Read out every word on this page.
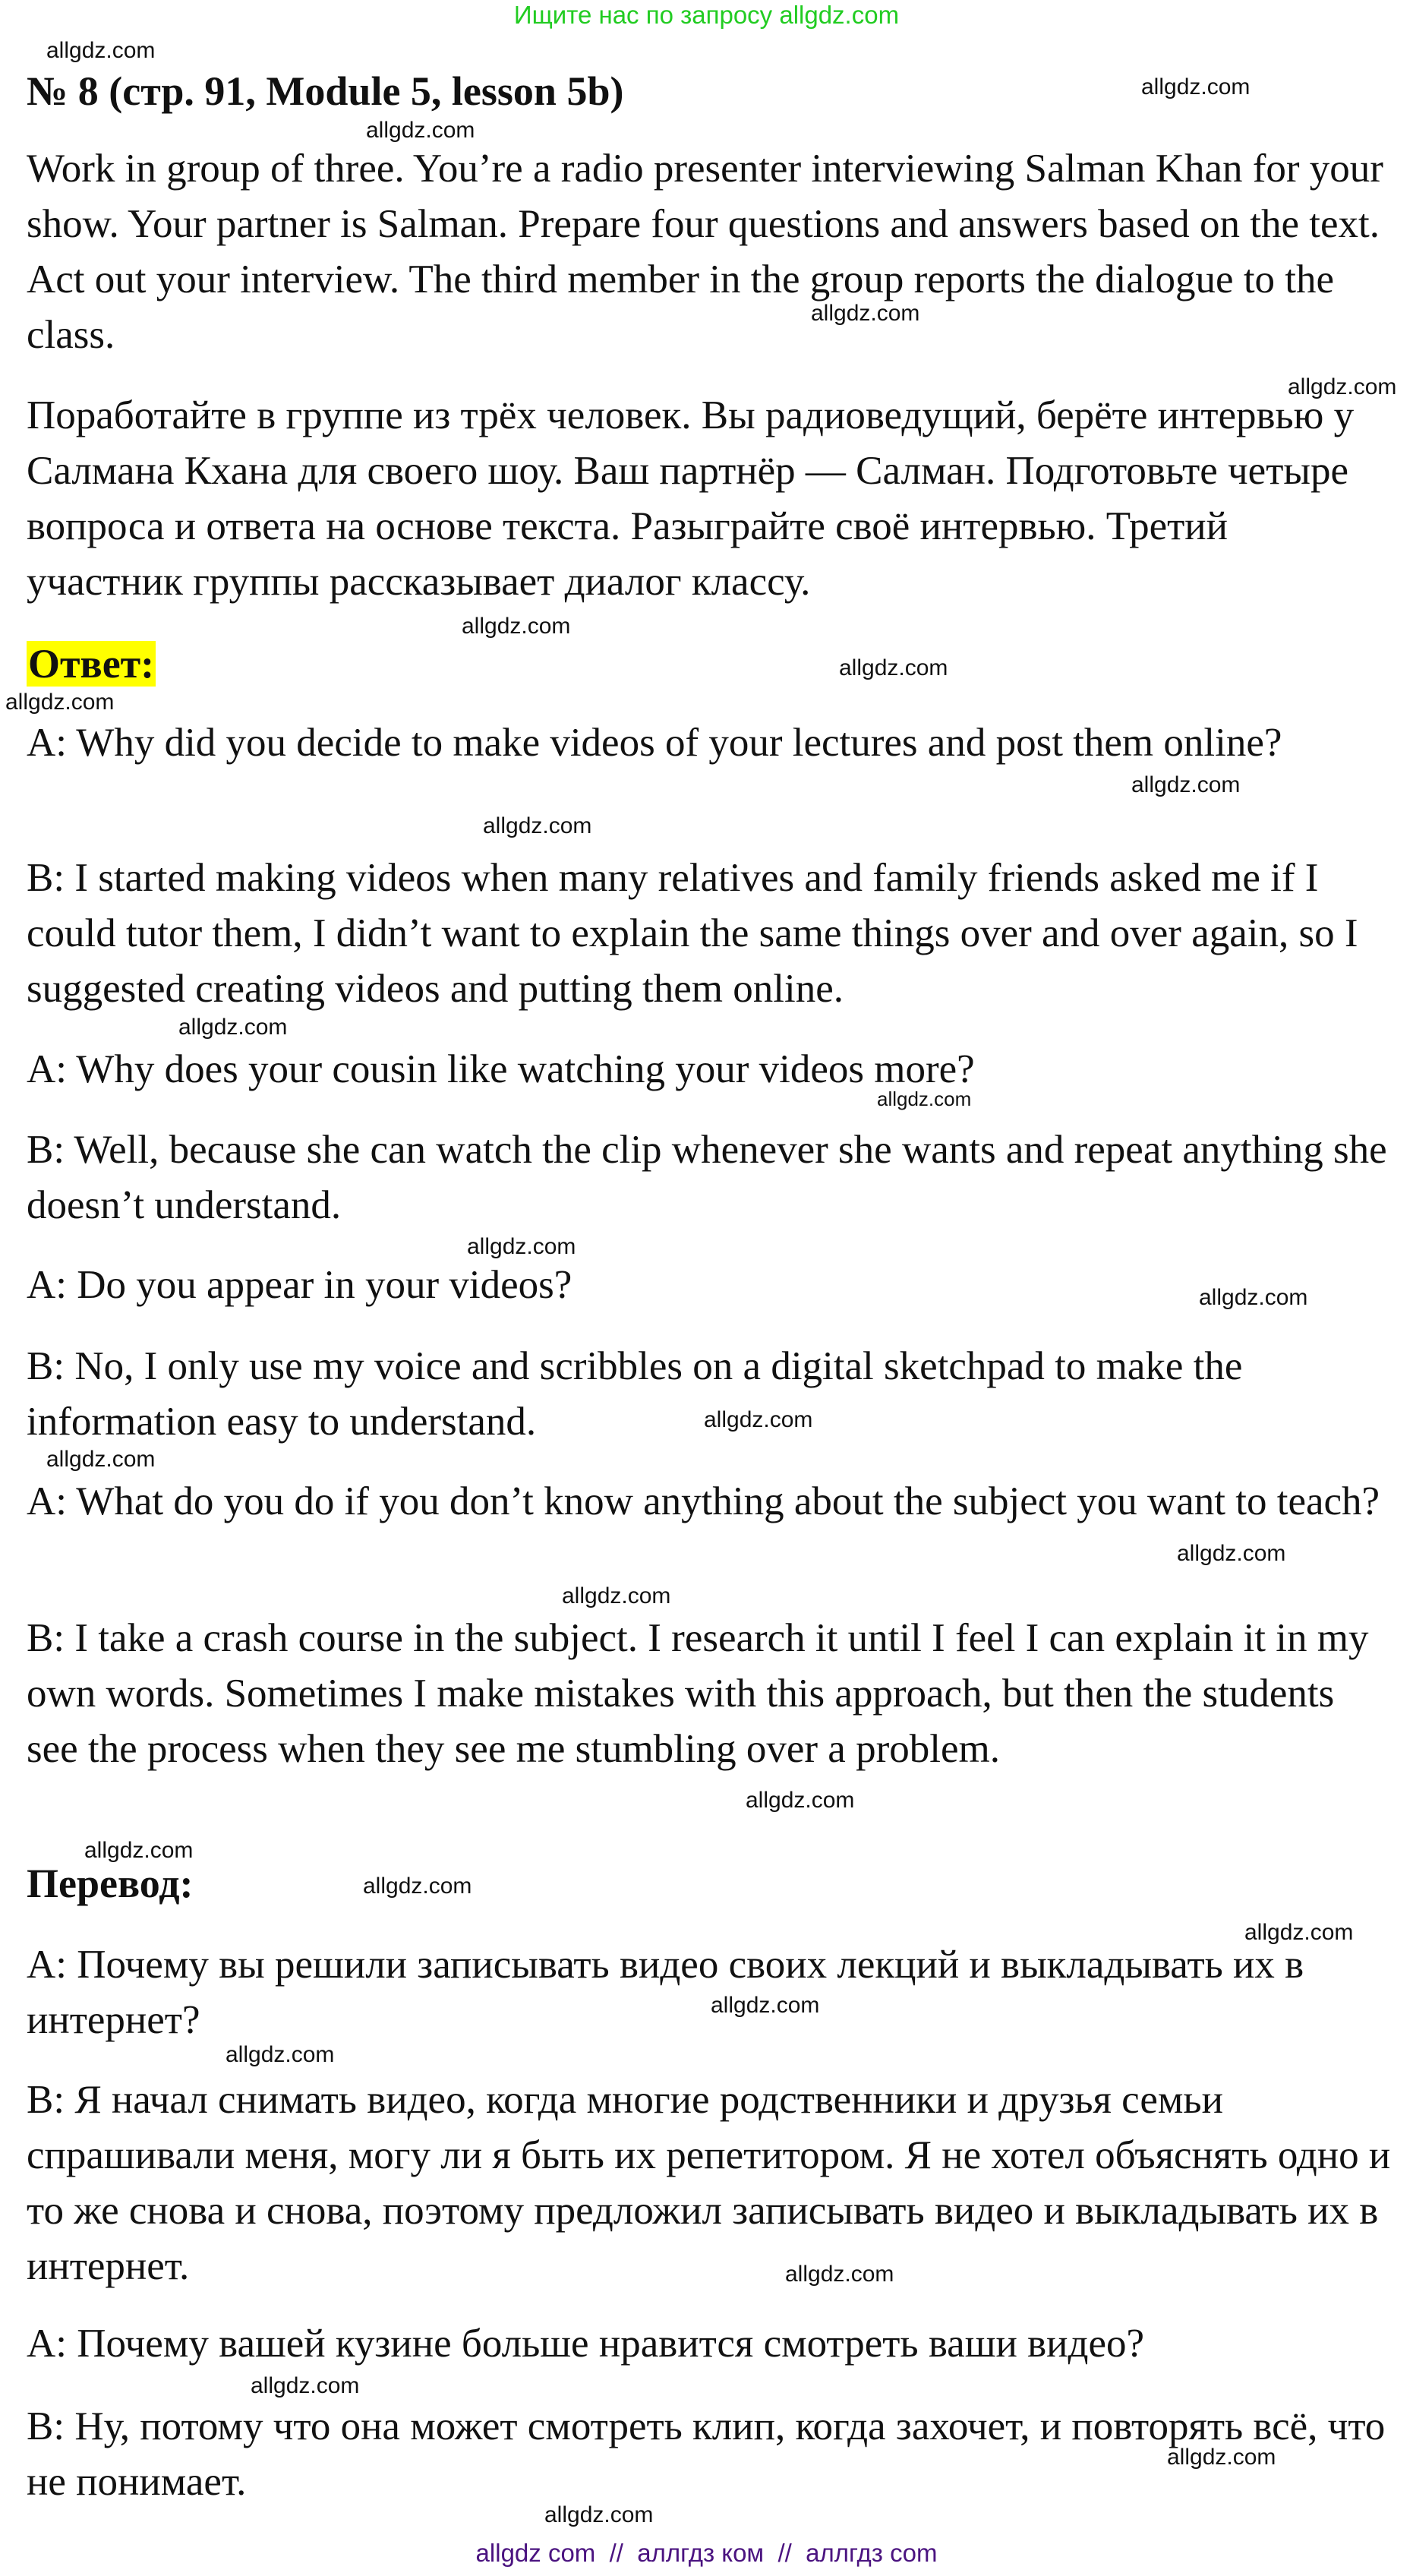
Ищите нас по запросу allgdz.com
allgdz.com
allgdz.com
allgdz.com
allgdz.com
allgdz.com
allgdz.com
allgdz.com
allgdz.com
allgdz.com
allgdz.com
allgdz.com
allgdz.com
allgdz.com
allgdz.com
allgdz.com
allgdz.com
allgdz.com
allgdz.com
allgdz.com
allgdz.com
allgdz.com
allgdz.com
allgdz.com
allgdz.com
allgdz.com
allgdz.com
allgdz.com
allgdz.com
№ 8 (стр. 91, Module 5, lesson 5b)

Work in group of three. You’re a radio presenter interviewing Salman Khan for your show. Your partner is Salman. Prepare four questions and answers based on the text. Act out your interview. The third member in the group reports the dialogue to the class.

Поработайте в группе из трёх человек. Вы радиоведущий, берёте интервью у Салмана Кхана для своего шоу. Ваш партнёр — Салман. Подготовьте четыре вопроса и ответа на основе текста. Разыграйте своё интервью. Третий участник группы рассказывает диалог классу.

Ответ:

A: Why did you decide to make videos of your lectures and post them online?

B: I started making videos when many relatives and family friends asked me if I could tutor them, I didn’t want to explain the same things over and over again, so I suggested creating videos and putting them online.

A: Why does your cousin like watching your videos more?

B: Well, because she can watch the clip whenever she wants and repeat anything she doesn’t understand.

A: Do you appear in your videos?

B: No, I only use my voice and scribbles on a digital sketchpad to make the information easy to understand.

A: What do you do if you don’t know anything about the subject you want to teach?

B: I take a crash course in the subject. I research it until I feel I can explain it in my own words. Sometimes I make mistakes with this approach, but then the students see the process when they see me stumbling over a problem.

Перевод:

A: Почему вы решили записывать видео своих лекций и выкладывать их в интернет?

B: Я начал снимать видео, когда многие родственники и друзья семьи спрашивали меня, могу ли я быть их репетитором. Я не хотел объяснять одно и то же снова и снова, поэтому предложил записывать видео и выкладывать их в интернет.

A: Почему вашей кузине больше нравится смотреть ваши видео?

B: Ну, потому что она может смотреть клип, когда захочет, и повторять всё, что не понимает.

allgdz com  //  аллгдз ком  //  аллгдз com
